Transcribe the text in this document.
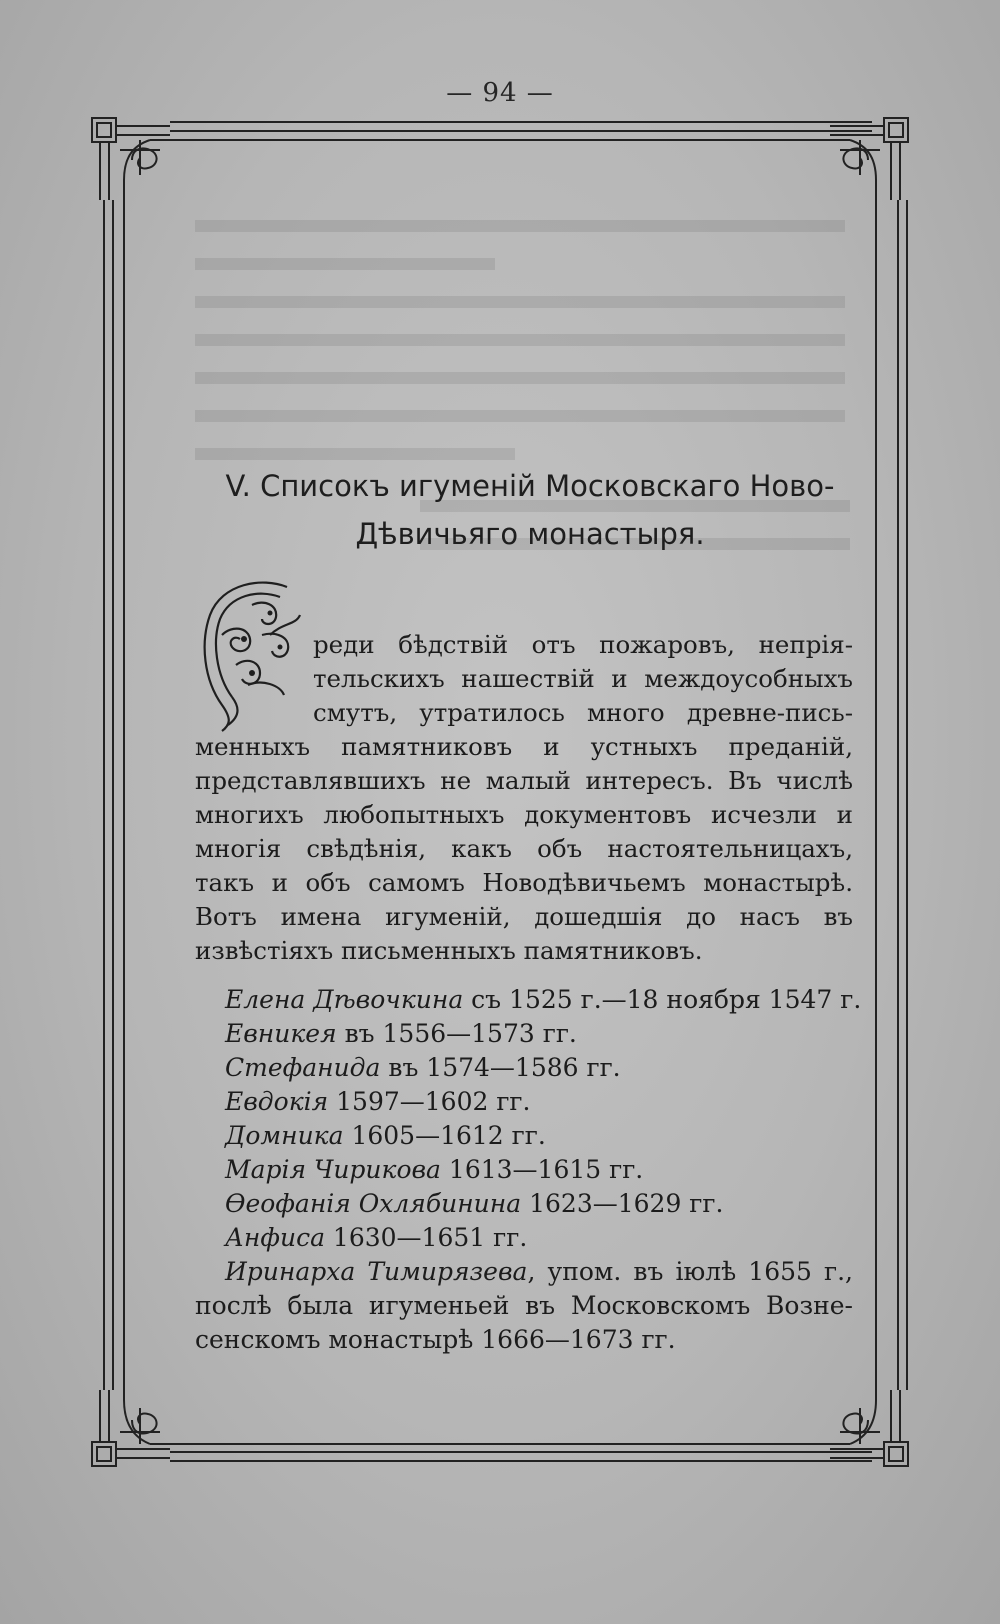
— 94 —
V. Списокъ игуменій Московскаго Ново-
Дѣвичьяго монастыря.
реди бѣдствій отъ пожаровъ, непрія-
тельскихъ нашествій и междоусобныхъ
смутъ, утратилось много древне-пись-
менныхъ памятниковъ и устныхъ преданій,
представлявшихъ не малый интересъ. Въ числѣ
многихъ любопытныхъ документовъ исчезли и
многія свѣдѣнія, какъ объ настоятельницахъ,
такъ и объ самомъ Новодѣвичьемъ монастырѣ.
Вотъ имена игуменій, дошедшія до насъ въ
извѣстіяхъ письменныхъ памятниковъ.
Елена Дѣвочкина съ 1525 г.—18 ноября 1547 г.
Евникея въ 1556—1573 гг.
Стефанида въ 1574—1586 гг.
Евдокія 1597—1602 гг.
Домника 1605—1612 гг.
Марія Чирикова 1613—1615 гг.
Ѳеофанія Охлябинина 1623—1629 гг.
Анфиса 1630—1651 гг.
Иринарха Тимирязева, упом. въ іюлѣ 1655 г.,
послѣ была игуменьей въ Московскомъ Возне-
сенскомъ монастырѣ 1666—1673 гг.
